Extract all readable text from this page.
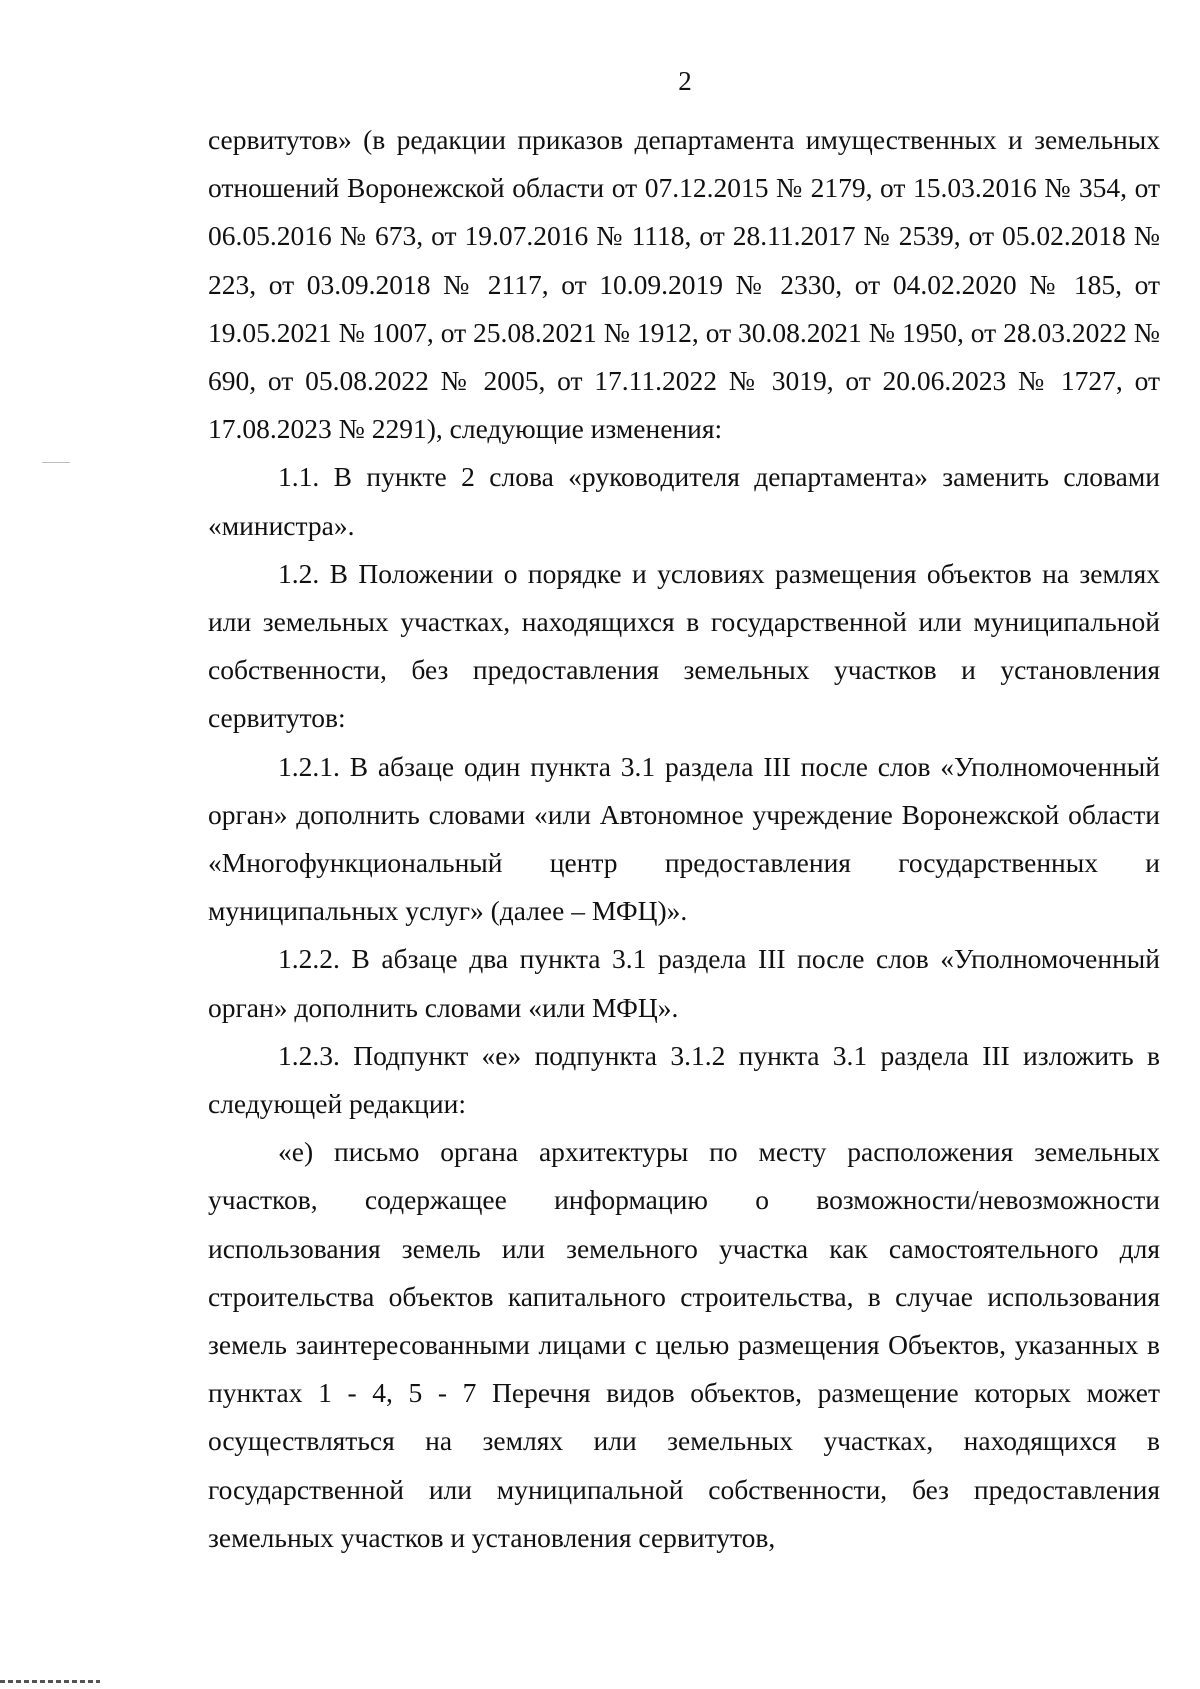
2

сервитутов» (в редакции приказов департамента имущественных и земельных отношений Воронежской области от 07.12.2015 № 2179, от 15.03.2016 № 354, от 06.05.2016 № 673, от 19.07.2016 № 1118, от 28.11.2017 № 2539, от 05.02.2018 № 223, от 03.09.2018 № 2117, от 10.09.2019 № 2330, от 04.02.2020 № 185, от 19.05.2021 № 1007, от 25.08.2021 № 1912, от 30.08.2021 № 1950, от 28.03.2022 № 690, от 05.08.2022 № 2005, от 17.11.2022 № 3019, от 20.06.2023 № 1727, от 17.08.2023 № 2291), следующие изменения:

1.1. В пункте 2 слова «руководителя департамента» заменить словами «министра».

1.2. В Положении о порядке и условиях размещения объектов на землях или земельных участках, находящихся в государственной или муниципальной собственности, без предоставления земельных участков и установления сервитутов:

1.2.1. В абзаце один пункта 3.1 раздела III после слов «Уполномоченный орган» дополнить словами «или Автономное учреждение Воронежской области «Многофункциональный центр предоставления государственных и муниципальных услуг» (далее – МФЦ)».

1.2.2. В абзаце два пункта 3.1 раздела III после слов «Уполномоченный орган» дополнить словами «или МФЦ».

1.2.3. Подпункт «е» подпункта 3.1.2 пункта 3.1 раздела III изложить в следующей редакции:

«е) письмо органа архитектуры по месту расположения земельных участков, содержащее информацию о возможности/невозможности использования земель или земельного участка как самостоятельного для строительства объектов капитального строительства, в случае использования земель заинтересованными лицами с целью размещения Объектов, указанных в пунктах 1 - 4, 5 - 7 Перечня видов объектов, размещение которых может осуществляться на землях или земельных участках, находящихся в государственной или муниципальной собственности, без предоставления земельных участков и установления сервитутов,
